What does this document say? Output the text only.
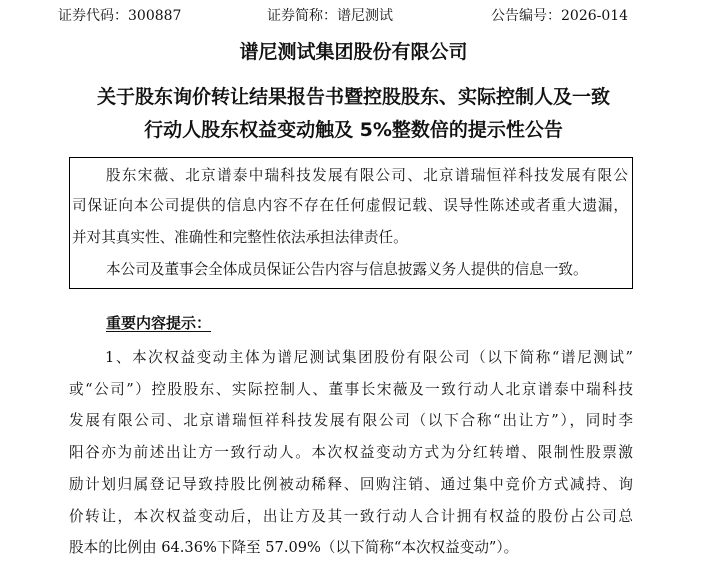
证券代码：300887	证券简称：谱尼测试	公告编号：2026-014
谱尼测试集团股份有限公司
关于股东询价转让结果报告书暨控股股东、实际控制人及一致
行动人股东权益变动触及 5%整数倍的提示性公告
股东宋薇、北京谱泰中瑞科技发展有限公司、北京谱瑞恒祥科技发展有限公
司保证向本公司提供的信息内容不存在任何虚假记载、误导性陈述或者重大遗漏，
并对其真实性、准确性和完整性依法承担法律责任。
本公司及董事会全体成员保证公告内容与信息披露义务人提供的信息一致。
重要内容提示：
1、本次权益变动主体为谱尼测试集团股份有限公司（以下简称“谱尼测试”
或“公司”）控股股东、实际控制人、董事长宋薇及一致行动人北京谱泰中瑞科技
发展有限公司、北京谱瑞恒祥科技发展有限公司（以下合称“出让方”），同时李
阳谷亦为前述出让方一致行动人。本次权益变动方式为分红转增、限制性股票激
励计划归属登记导致持股比例被动稀释、回购注销、通过集中竞价方式减持、询
价转让，本次权益变动后，出让方及其一致行动人合计拥有权益的股份占公司总
股本的比例由 64.36%下降至 57.09%（以下简称“本次权益变动”）。
